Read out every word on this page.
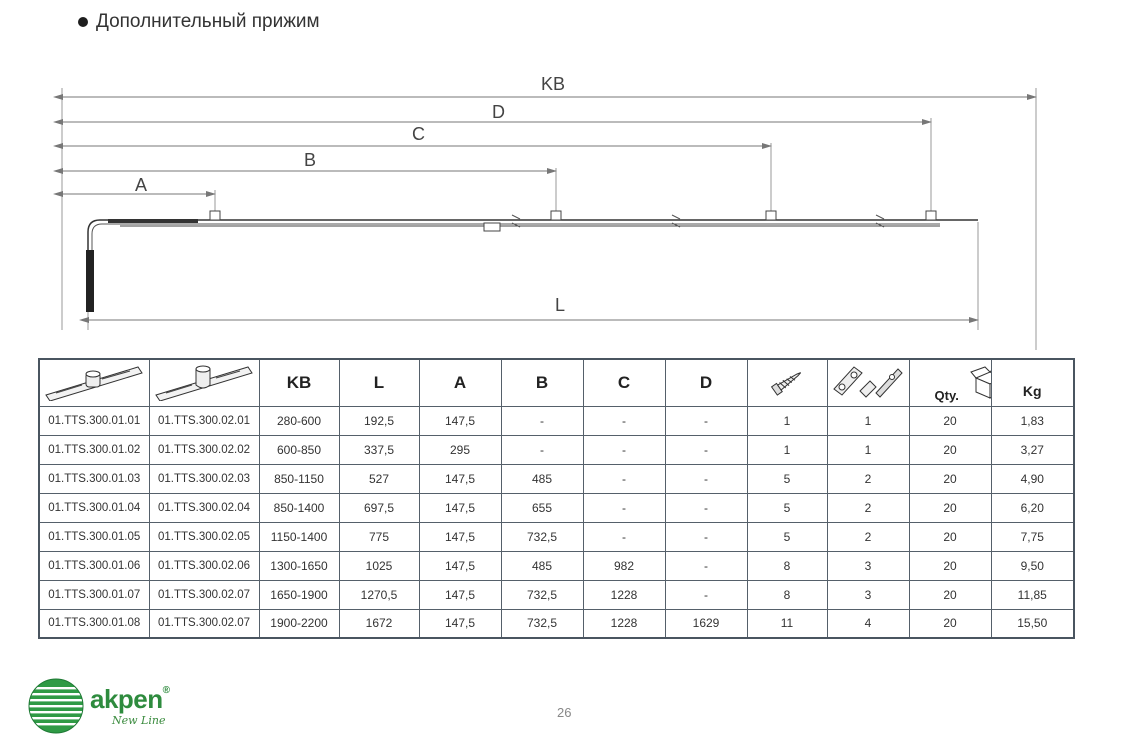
Дополнительный прижим
KB
D
C
B
A
L
		KB	L	A	B	C	D			Qty.	Kg
01.TTS.300.01.01	01.TTS.300.02.01	280-600	192,5	147,5	-	-	-	1	1	20	1,83
01.TTS.300.01.02	01.TTS.300.02.02	600-850	337,5	295	-	-	-	1	1	20	3,27
01.TTS.300.01.03	01.TTS.300.02.03	850-1150	527	147,5	485	-	-	5	2	20	4,90
01.TTS.300.01.04	01.TTS.300.02.04	850-1400	697,5	147,5	655	-	-	5	2	20	6,20
01.TTS.300.01.05	01.TTS.300.02.05	1150-1400	775	147,5	732,5	-	-	5	2	20	7,75
01.TTS.300.01.06	01.TTS.300.02.06	1300-1650	1025	147,5	485	982	-	8	3	20	9,50
01.TTS.300.01.07	01.TTS.300.02.07	1650-1900	1270,5	147,5	732,5	1228	-	8	3	20	11,85
01.TTS.300.01.08	01.TTS.300.02.07	1900-2200	1672	147,5	732,5	1228	1629	11	4	20	15,50
akpen®
New Line	26
